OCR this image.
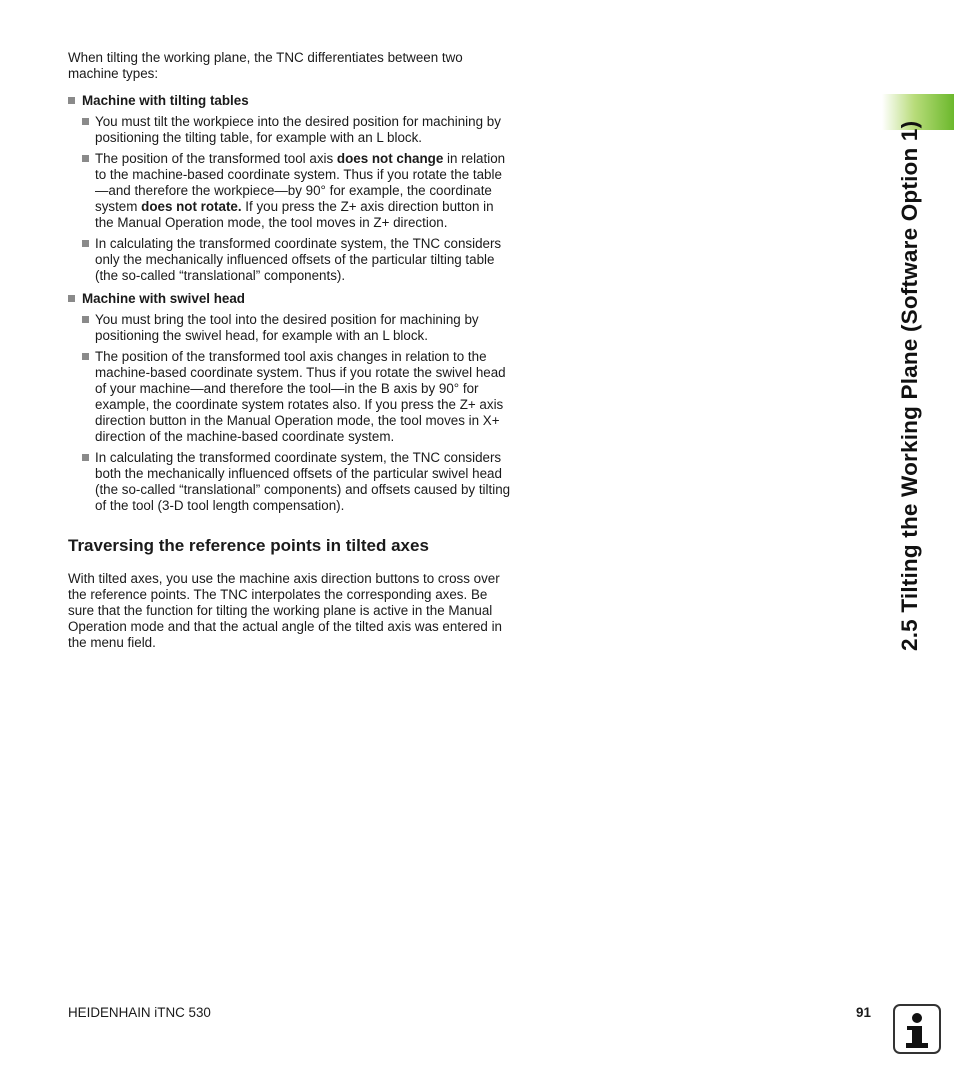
When tilting the working plane, the TNC differentiates between two machine types:

Machine with tilting tables
You must tilt the workpiece into the desired position for machining by positioning the tilting table, for example with an L block.
The position of the transformed tool axis does not change in relation to the machine-based coordinate system. Thus if you rotate the table—and therefore the workpiece—by 90° for example, the coordinate system does not rotate. If you press the Z+ axis direction button in the Manual Operation mode, the tool moves in Z+ direction.
In calculating the transformed coordinate system, the TNC considers only the mechanically influenced offsets of the particular tilting table (the so-called “translational” components).
Machine with swivel head
You must bring the tool into the desired position for machining by positioning the swivel head, for example with an L block.
The position of the transformed tool axis changes in relation to the machine-based coordinate system. Thus if you rotate the swivel head of your machine—and therefore the tool—in the B axis by 90° for example, the coordinate system rotates also. If you press the Z+ axis direction button in the Manual Operation mode, the tool moves in X+ direction of the machine-based coordinate system.
In calculating the transformed coordinate system, the TNC considers both the mechanically influenced offsets of the particular swivel head (the so-called “translational” components) and offsets caused by tilting of the tool (3-D tool length compensation).
Traversing the reference points in tilted axes

With tilted axes, you use the machine axis direction buttons to cross over the reference points. The TNC interpolates the corresponding axes. Be sure that the function for tilting the working plane is active in the Manual Operation mode and that the actual angle of the tilted axis was entered in the menu field.	2.5 Tilting the Working Plane (Software Option 1)
HEIDENHAIN iTNC 530	91
